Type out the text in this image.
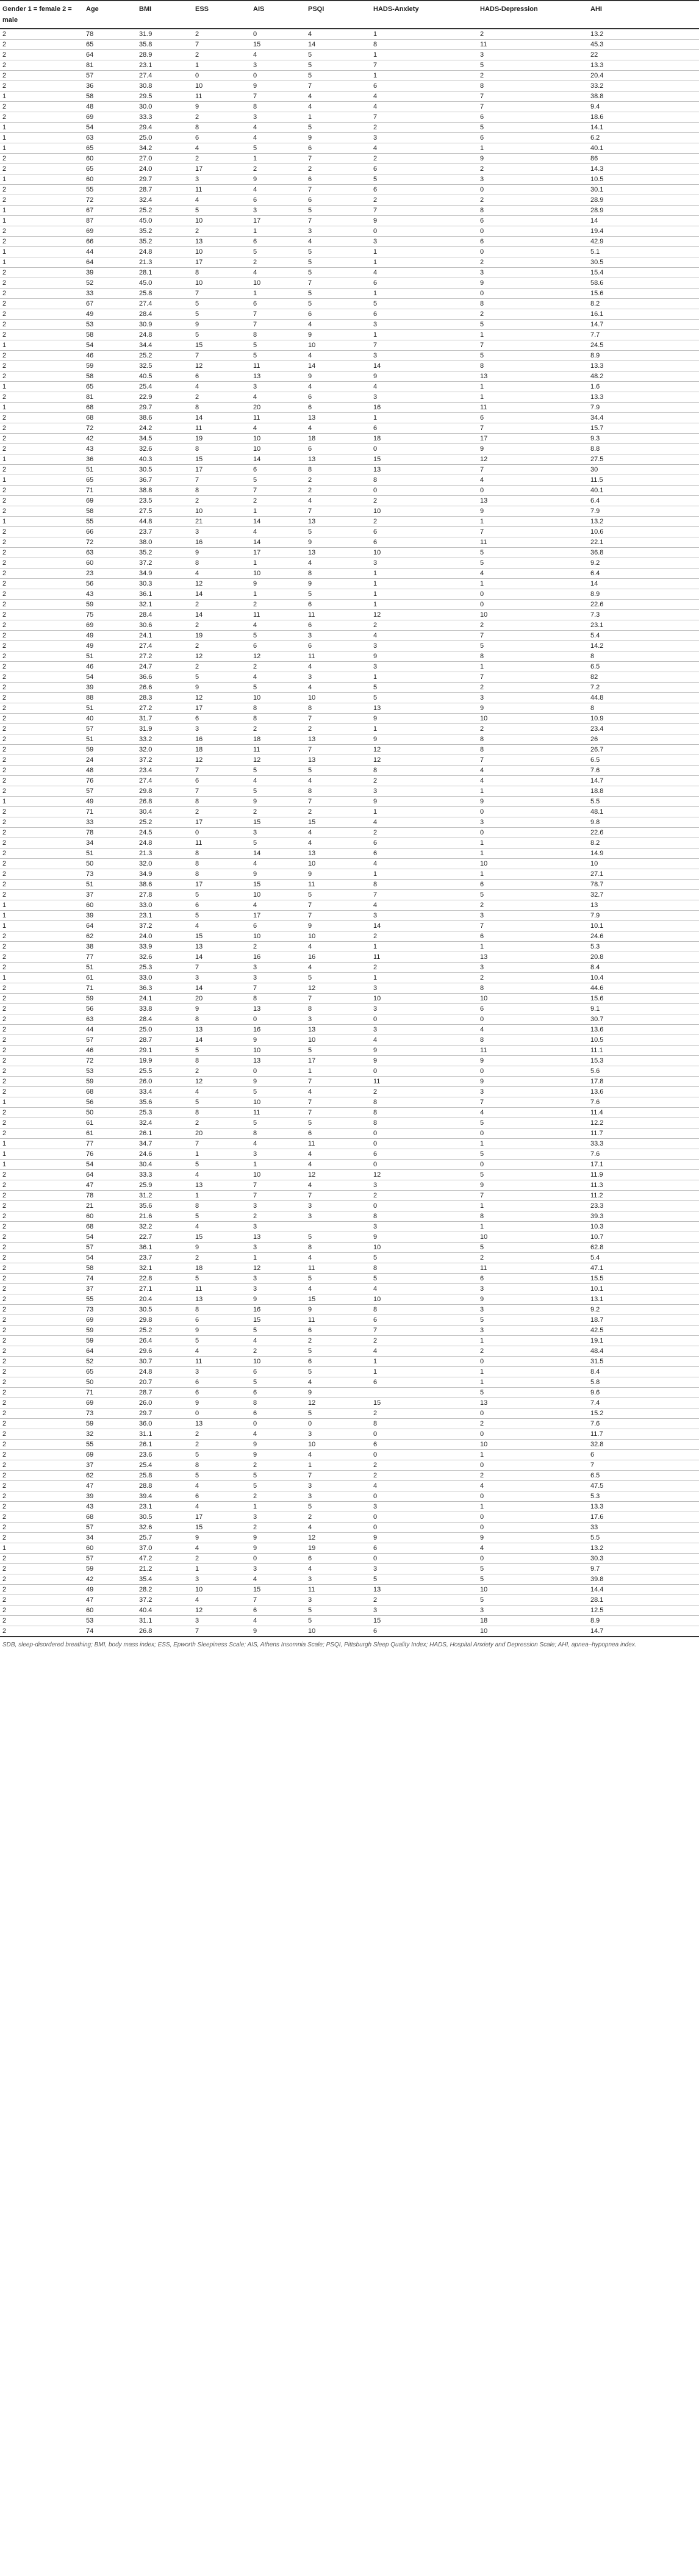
Gender 1 = female 2 = male	Age	BMI	ESS	AIS	PSQI	HADS-Anxiety	HADS-Depression	AHI
2	78	31.9	2	0	4	1	2	13.2
2	65	35.8	7	15	14	8	11	45.3
2	64	28.9	2	4	5	1	3	22
2	81	23.1	1	3	5	7	5	13.3
2	57	27.4	0	0	5	1	2	20.4
2	36	30.8	10	9	7	6	8	33.2
1	58	29.5	11	7	4	4	7	38.8
2	48	30.0	9	8	4	4	7	9.4
2	69	33.3	2	3	1	7	6	18.6
1	54	29.4	8	4	5	2	5	14.1
1	63	25.0	6	4	9	3	6	6.2
1	65	34.2	4	5	6	4	1	40.1
2	60	27.0	2	1	7	2	9	86
2	65	24.0	17	2	2	6	2	14.3
1	60	29.7	3	9	6	5	3	10.5
2	55	28.7	11	4	7	6	0	30.1
2	72	32.4	4	6	6	2	2	28.9
1	67	25.2	5	3	5	7	8	28.9
1	87	45.0	10	17	7	9	6	14
2	69	35.2	2	1	3	0	0	19.4
2	66	35.2	13	6	4	3	6	42.9
1	44	24.8	10	5	5	1	0	5.1
1	64	21.3	17	2	5	1	2	30.5
2	39	28.1	8	4	5	4	3	15.4
2	52	45.0	10	10	7	6	9	58.6
2	33	25.8	7	1	5	1	0	15.6
2	67	27.4	5	6	5	5	8	8.2
2	49	28.4	5	7	6	6	2	16.1
2	53	30.9	9	7	4	3	5	14.7
2	58	24.8	5	8	9	1	1	7.7
1	54	34.4	15	5	10	7	7	24.5
2	46	25.2	7	5	4	3	5	8.9
2	59	32.5	12	11	14	14	8	13.3
2	58	40.5	6	13	9	9	13	48.2
1	65	25.4	4	3	4	4	1	1.6
2	81	22.9	2	4	6	3	1	13.3
1	68	29.7	8	20	6	16	11	7.9
2	68	38.6	14	11	13	1	6	34.4
2	72	24.2	11	4	4	6	7	15.7
2	42	34.5	19	10	18	18	17	9.3
2	43	32.6	8	10	6	0	9	8.8
1	36	40.3	15	14	13	15	12	27.5
2	51	30.5	17	6	8	13	7	30
1	65	36.7	7	5	2	8	4	11.5
2	71	38.8	8	7	2	0	0	40.1
2	69	23.5	2	2	4	2	13	6.4
2	58	27.5	10	1	7	10	9	7.9
1	55	44.8	21	14	13	2	1	13.2
2	66	23.7	3	4	5	6	7	10.6
2	72	38.0	16	14	9	6	11	22.1
2	63	35.2	9	17	13	10	5	36.8
2	60	37.2	8	1	4	3	5	9.2
2	23	34.9	4	10	8	1	4	6.4
2	56	30.3	12	9	9	1	1	14
2	43	36.1	14	1	5	1	0	8.9
2	59	32.1	2	2	6	1	0	22.6
2	75	28.4	14	11	11	12	10	7.3
2	69	30.6	2	4	6	2	2	23.1
2	49	24.1	19	5	3	4	7	5.4
2	49	27.4	2	6	6	3	5	14.2
2	51	27.2	12	12	11	9	8	8
2	46	24.7	2	2	4	3	1	6.5
2	54	36.6	5	4	3	1	7	82
2	39	26.6	9	5	4	5	2	7.2
2	88	28.3	12	10	10	5	3	44.8
2	51	27.2	17	8	8	13	9	8
2	40	31.7	6	8	7	9	10	10.9
2	57	31.9	3	2	2	1	2	23.4
2	51	33.2	16	18	13	9	8	26
2	59	32.0	18	11	7	12	8	26.7
2	24	37.2	12	12	13	12	7	6.5
2	48	23.4	7	5	5	8	4	7.6
2	76	27.4	6	4	4	2	4	14.7
2	57	29.8	7	5	8	3	1	18.8
1	49	26.8	8	9	7	9	9	5.5
2	71	30.4	2	2	2	1	0	48.1
2	33	25.2	17	15	15	4	3	9.8
2	78	24.5	0	3	4	2	0	22.6
2	34	24.8	11	5	4	6	1	8.2
2	51	21.3	8	14	13	6	1	14.9
2	50	32.0	8	4	10	4	10	10
2	73	34.9	8	9	9	1	1	27.1
2	51	38.6	17	15	11	8	6	78.7
2	37	27.8	5	10	5	7	5	32.7
1	60	33.0	6	4	7	4	2	13
1	39	23.1	5	17	7	3	3	7.9
1	64	37.2	4	6	9	14	7	10.1
2	62	24.0	15	10	10	2	6	24.6
2	38	33.9	13	2	4	1	1	5.3
2	77	32.6	14	16	16	11	13	20.8
2	51	25.3	7	3	4	2	3	8.4
1	61	33.0	3	3	5	1	2	10.4
2	71	36.3	14	7	12	3	8	44.6
2	59	24.1	20	8	7	10	10	15.6
2	56	33.8	9	13	8	3	6	9.1
2	63	28.4	8	0	3	0	0	30.7
2	44	25.0	13	16	13	3	4	13.6
2	57	28.7	14	9	10	4	8	10.5
2	46	29.1	5	10	5	9	11	11.1
2	72	19.9	8	13	17	9	9	15.3
2	53	25.5	2	0	1	0	0	5.6
2	59	26.0	12	9	7	11	9	17.8
2	68	33.4	4	5	4	2	3	13.6
1	56	35.6	5	10	7	8	7	7.6
2	50	25.3	8	11	7	8	4	11.4
2	61	32.4	2	5	5	8	5	12.2
2	61	26.1	20	8	6	0	0	11.7
1	77	34.7	7	4	11	0	1	33.3
1	76	24.6	1	3	4	6	5	7.6
1	54	30.4	5	1	4	0	0	17.1
2	64	33.3	4	10	12	12	5	11.9
2	47	25.9	13	7	4	3	9	11.3
2	78	31.2	1	7	7	2	7	11.2
2	21	35.6	8	3	3	0	1	23.3
2	60	21.6	5	2	3	8	8	39.3
2	68	32.2	4	3		3	1	10.3
2	54	22.7	15	13	5	9	10	10.7
2	57	36.1	9	3	8	10	5	62.8
2	54	23.7	2	1	4	5	2	5.4
2	58	32.1	18	12	11	8	11	47.1
2	74	22.8	5	3	5	5	6	15.5
2	37	27.1	11	3	4	4	3	10.1
2	55	20.4	13	9	15	10	9	13.1
2	73	30.5	8	16	9	8	3	9.2
2	69	29.8	6	15	11	6	5	18.7
2	59	25.2	9	5	6	7	3	42.5
2	59	26.4	5	4	2	2	1	19.1
2	64	29.6	4	2	5	4	2	48.4
2	52	30.7	11	10	6	1	0	31.5
2	65	24.8	3	6	5	1	1	8.4
2	50	20.7	6	5	4	6	1	5.8
2	71	28.7	6	6	9		5	9.6
2	69	26.0	9	8	12	15	13	7.4
2	73	29.7	0	6	5	2	0	15.2
2	59	36.0	13	0	0	8	2	7.6
2	32	31.1	2	4	3	0	0	11.7
2	55	26.1	2	9	10	6	10	32.8
2	69	23.6	5	9	4	0	1	6
2	37	25.4	8	2	1	2	0	7
2	62	25.8	5	5	7	2	2	6.5
2	47	28.8	4	5	3	4	4	47.5
2	39	39.4	6	2	3	0	0	5.3
2	43	23.1	4	1	5	3	1	13.3
2	68	30.5	17	3	2	0	0	17.6
2	57	32.6	15	2	4	0	0	33
2	34	25.7	9	9	12	9	9	5.5
1	60	37.0	4	9	19	6	4	13.2
2	57	47.2	2	0	6	0	0	30.3
2	59	21.2	1	3	4	3	5	9.7
2	42	35.4	3	4	3	5	5	39.8
2	49	28.2	10	15	11	13	10	14.4
2	47	37.2	4	7	3	2	5	28.1
2	60	40.4	12	6	5	3	3	12.5
2	53	31.1	3	4	5	15	18	8.9
2	74	26.8	7	9	10	6	10	14.7
SDB, sleep-disordered breathing; BMI, body mass index; ESS, Epworth Sleepiness Scale; AIS, Athens Insomnia Scale; PSQI, Pittsburgh Sleep Quality Index; HADS, Hospital Anxiety and Depression Scale; AHI, apnea–hypopnea index.
